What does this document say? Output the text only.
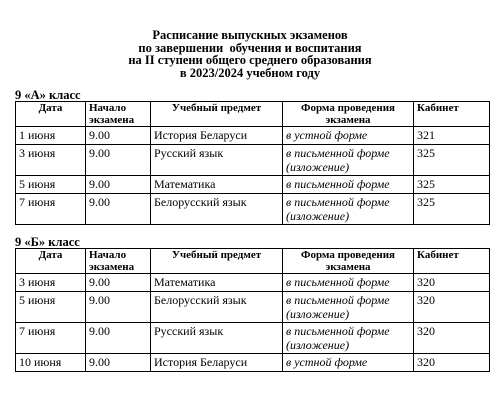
Расписание выпускных экзаменов
по завершении  обучения и воспитания
на II ступени общего среднего образования
в 2023/2024 учебном году
9 «А» класс
Дата	Начало экзамена	Учебный предмет	Форма проведения экзамена	Кабинет
1 июня	9.00	История Беларуси	в устной форме	321
3 июня	9.00	Русский язык	в письменной форме (изложение)	325
5 июня	9.00	Математика	в письменной форме	325
7 июня	9.00	Белорусский язык	в письменной форме (изложение)	325
9 «Б» класс
Дата	Начало экзамена	Учебный предмет	Форма проведения экзамена	Кабинет
3 июня	9.00	Математика	в письменной форме	320
5 июня	9.00	Белорусский язык	в письменной форме (изложение)	320
7 июня	9.00	Русский язык	в письменной форме (изложение)	320
10 июня	9.00	История Беларуси	в устной форме	320
